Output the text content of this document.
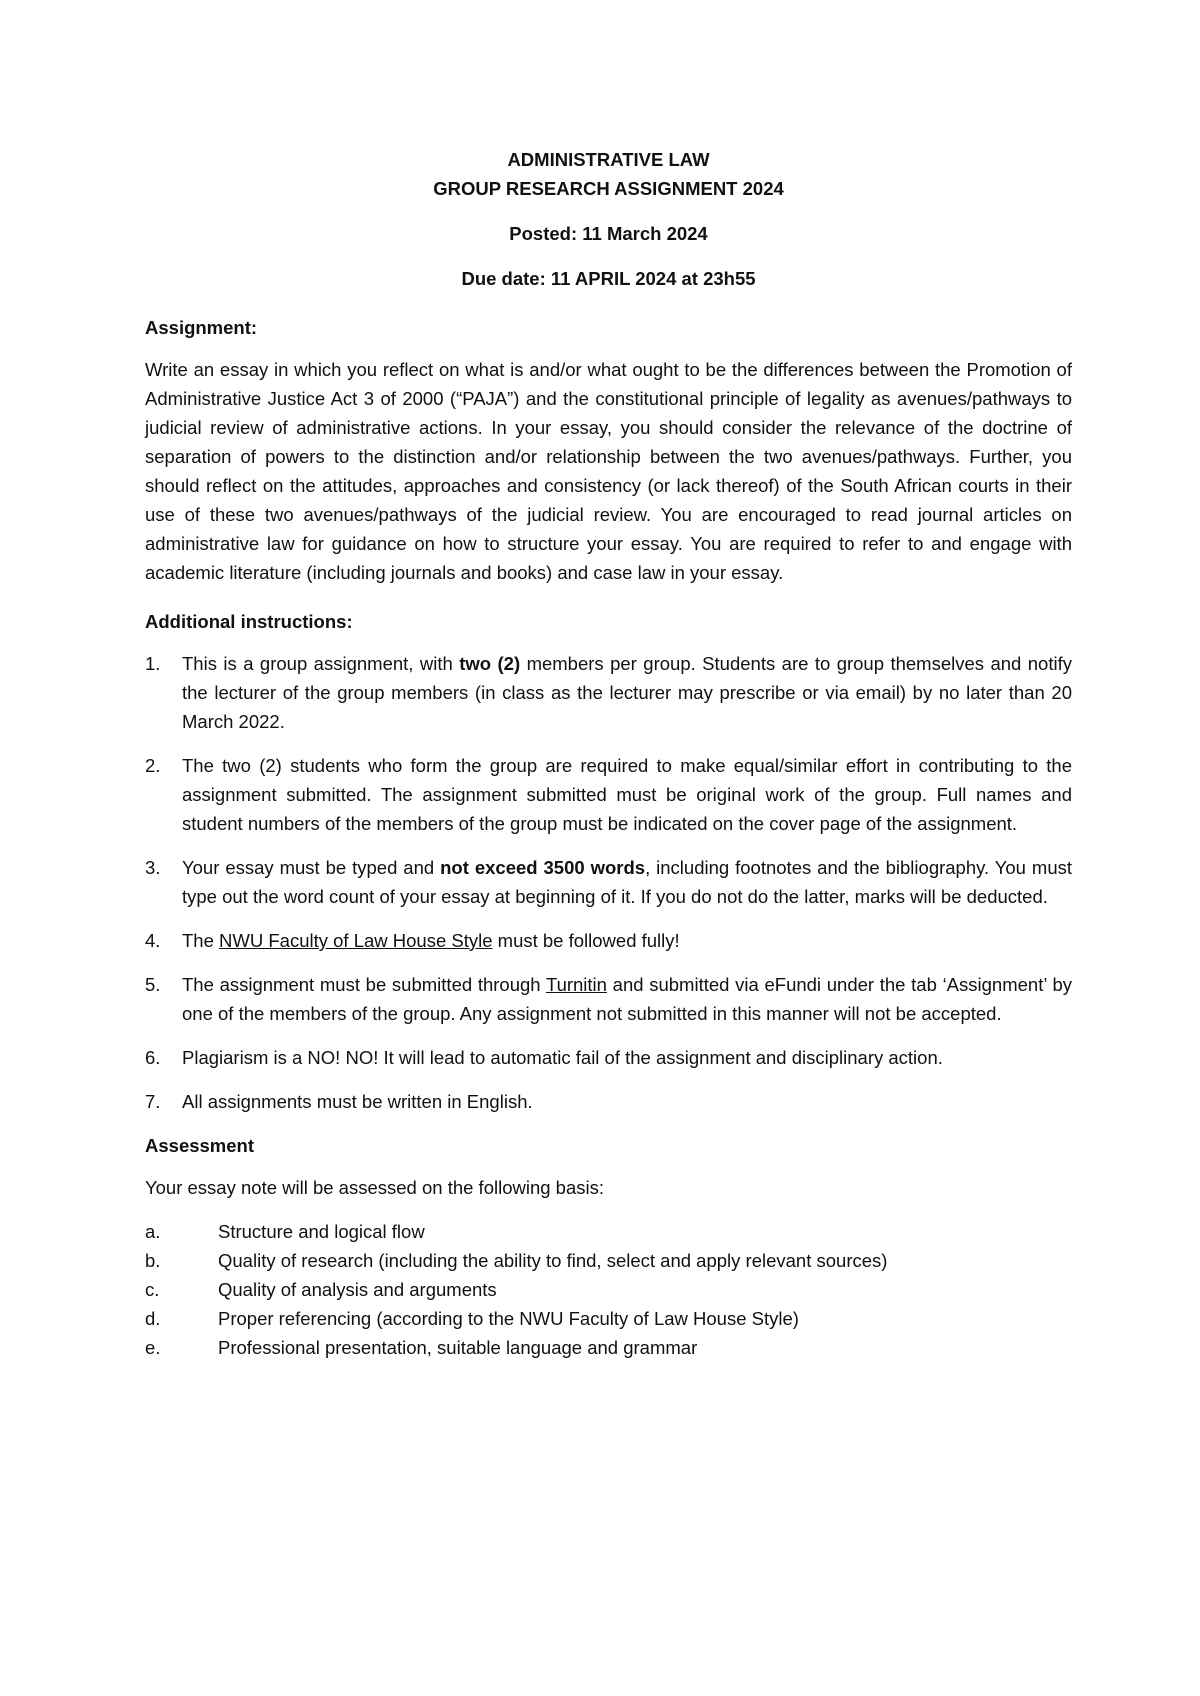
ADMINISTRATIVE LAW

GROUP RESEARCH ASSIGNMENT 2024

Posted: 11 March 2024

Due date: 11 APRIL 2024 at 23h55

Assignment:

Write an essay in which you reflect on what is and/or what ought to be the differences between the Promotion of Administrative Justice Act 3 of 2000 (“PAJA”) and the constitutional principle of legality as avenues/pathways to judicial review of administrative actions. In your essay, you should consider the relevance of the doctrine of separation of powers to the distinction and/or relationship between the two avenues/pathways. Further, you should reflect on the attitudes, approaches and consistency (or lack thereof) of the South African courts in their use of these two avenues/pathways of the judicial review. You are encouraged to read journal articles on administrative law for guidance on how to structure your essay. You are required to refer to and engage with academic literature (including journals and books) and case law in your essay.

Additional instructions:

1. This is a group assignment, with two (2) members per group. Students are to group themselves and notify the lecturer of the group members (in class as the lecturer may prescribe or via email) by no later than 20 March 2022.
2. The two (2) students who form the group are required to make equal/similar effort in contributing to the assignment submitted. The assignment submitted must be original work of the group. Full names and student numbers of the members of the group must be indicated on the cover page of the assignment.
3. Your essay must be typed and not exceed 3500 words, including footnotes and the bibliography. You must type out the word count of your essay at beginning of it. If you do not do the latter, marks will be deducted.
4. The NWU Faculty of Law House Style must be followed fully!
5. The assignment must be submitted through Turnitin and submitted via eFundi under the tab ‘Assignment’ by one of the members of the group. Any assignment not submitted in this manner will not be accepted.
6. Plagiarism is a NO! NO! It will lead to automatic fail of the assignment and disciplinary action.
7. All assignments must be written in English.

Assessment

Your essay note will be assessed on the following basis:

a.	Structure and logical flow
b.	Quality of research (including the ability to find, select and apply relevant sources)
c.	Quality of analysis and arguments
d.	Proper referencing (according to the NWU Faculty of Law House Style)
e.	Professional presentation, suitable language and grammar
